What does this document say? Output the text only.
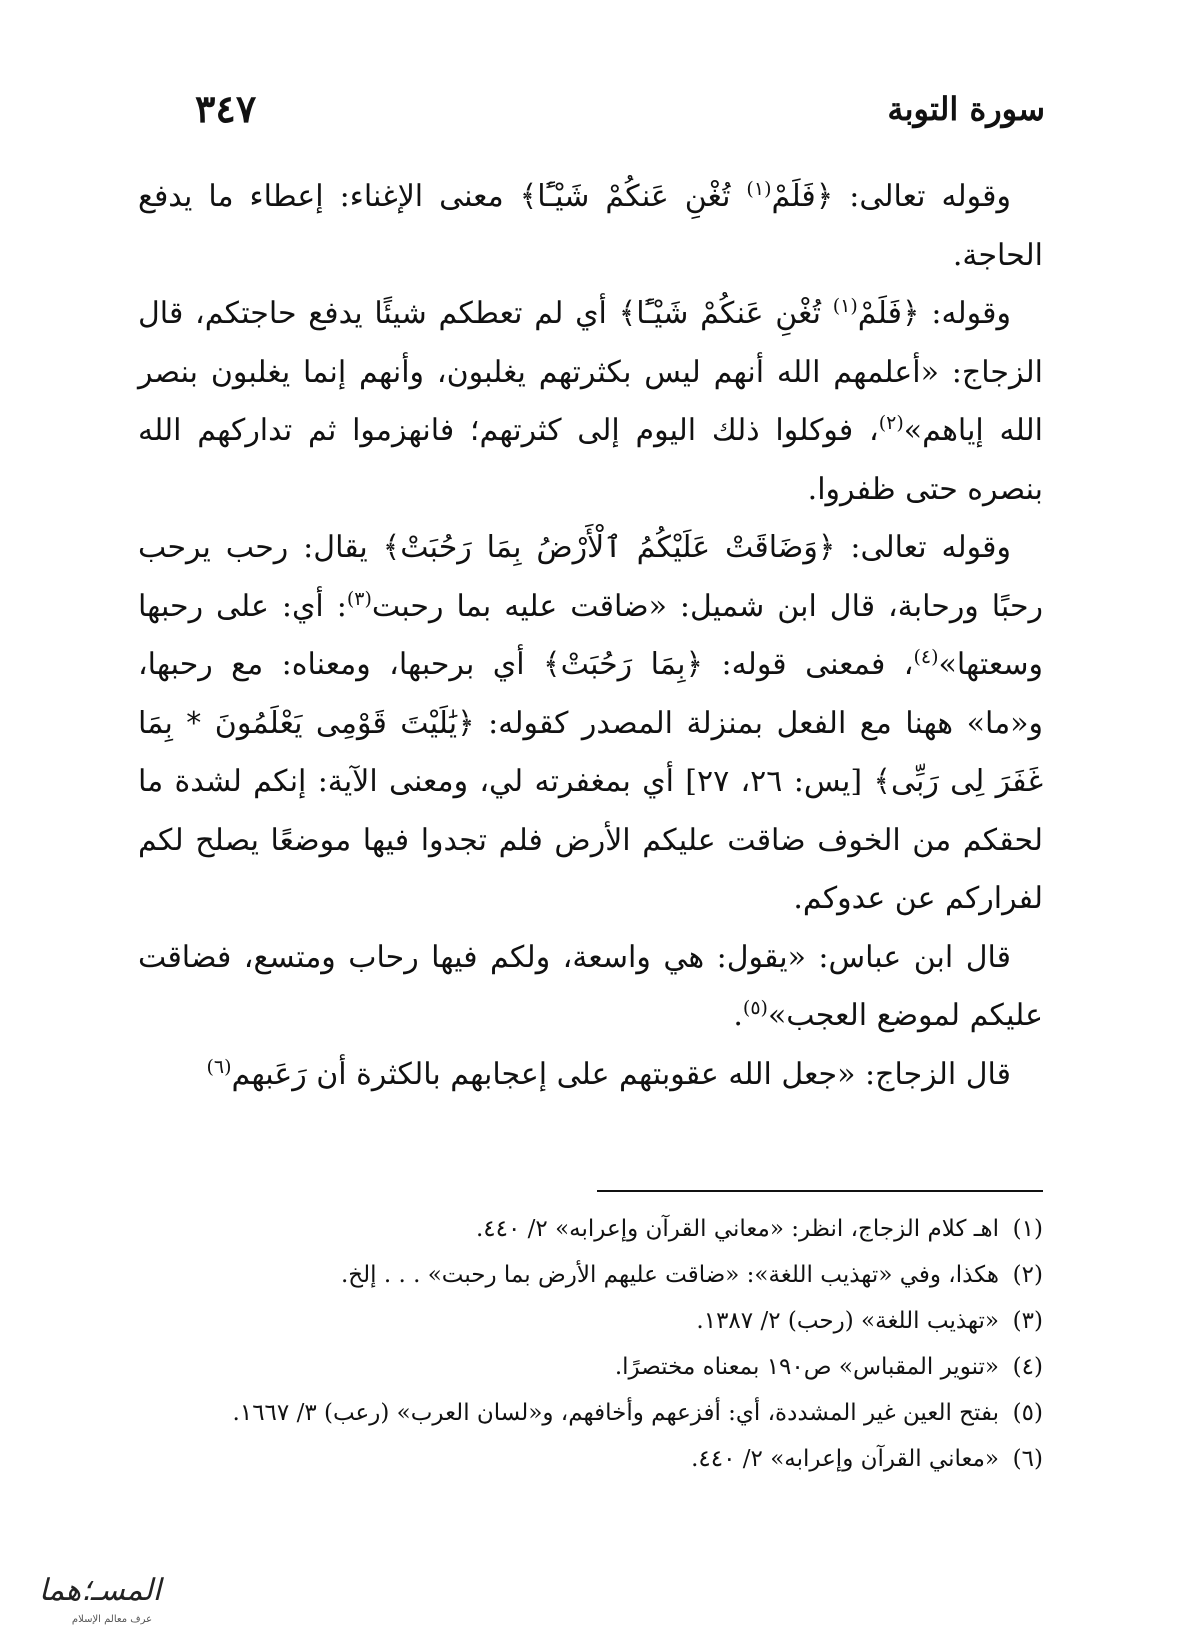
سورة التوبة
٣٤٧

وقوله تعالى: ﴿فَلَمْ$^{(١)}$ تُغْنِ عَنكُمْ شَيْـًٔا﴾ معنى الإغناء: إعطاء ما يدفع الحاجة.

وقوله: ﴿فَلَمْ$^{(١)}$ تُغْنِ عَنكُمْ شَيْـًٔا﴾ أي لم تعطكم شيئًا يدفع حاجتكم، قال الزجاج: «أعلمهم الله أنهم ليس بكثرتهم يغلبون، وأنهم إنما يغلبون بنصر الله إياهم»$^{(٢)}$، فوكلوا ذلك اليوم إلى كثرتهم؛ فانهزموا ثم تداركهم الله بنصره حتى ظفروا.

وقوله تعالى: ﴿وَضَاقَتْ عَلَيْكُمُ ٱلْأَرْضُ بِمَا رَحُبَتْ﴾ يقال: رحب يرحب رحبًا ورحابة، قال ابن شميل: «ضاقت عليه بما رحبت$^{(٣)}$: أي: على رحبها وسعتها»$^{(٤)}$، فمعنى قوله: ﴿بِمَا رَحُبَتْ﴾ أي برحبها، ومعناه: مع رحبها، و«ما» ههنا مع الفعل بمنزلة المصدر كقوله: ﴿يَٰلَيْتَ قَوْمِى يَعْلَمُونَ * بِمَا غَفَرَ لِى رَبِّى﴾ [يس: ٢٦، ٢٧] أي بمغفرته لي، ومعنى الآية: إنكم لشدة ما لحقكم من الخوف ضاقت عليكم الأرض فلم تجدوا فيها موضعًا يصلح لكم لفراركم عن عدوكم.

قال ابن عباس: «يقول: هي واسعة، ولكم فيها رحاب ومتسع، فضاقت عليكم لموضع العجب»$^{(٥)}$.

قال الزجاج: «جعل الله عقوبتهم على إعجابهم بالكثرة أن رَعَبهم$^{(٦)}$

(١)
اهـ كلام الزجاج، انظر: «معاني القرآن وإعرابه» ٢/ ٤٤٠.
(٢)
هكذا، وفي «تهذيب اللغة»: «ضاقت عليهم الأرض بما رحبت» . . . إلخ.
(٣)
«تهذيب اللغة» (رحب) ٢/ ١٣٨٧.
(٤)
«تنوير المقباس» ص١٩٠ بمعناه مختصرًا.
(٥)
بفتح العين غير المشددة، أي: أفزعهم وأخافهم، و«لسان العرب» (رعب) ٣/ ١٦٦٧.
(٦)
«معاني القرآن وإعرابه» ٢/ ٤٤٠.
المسـ؛هما
عرف معالم الإسلام
